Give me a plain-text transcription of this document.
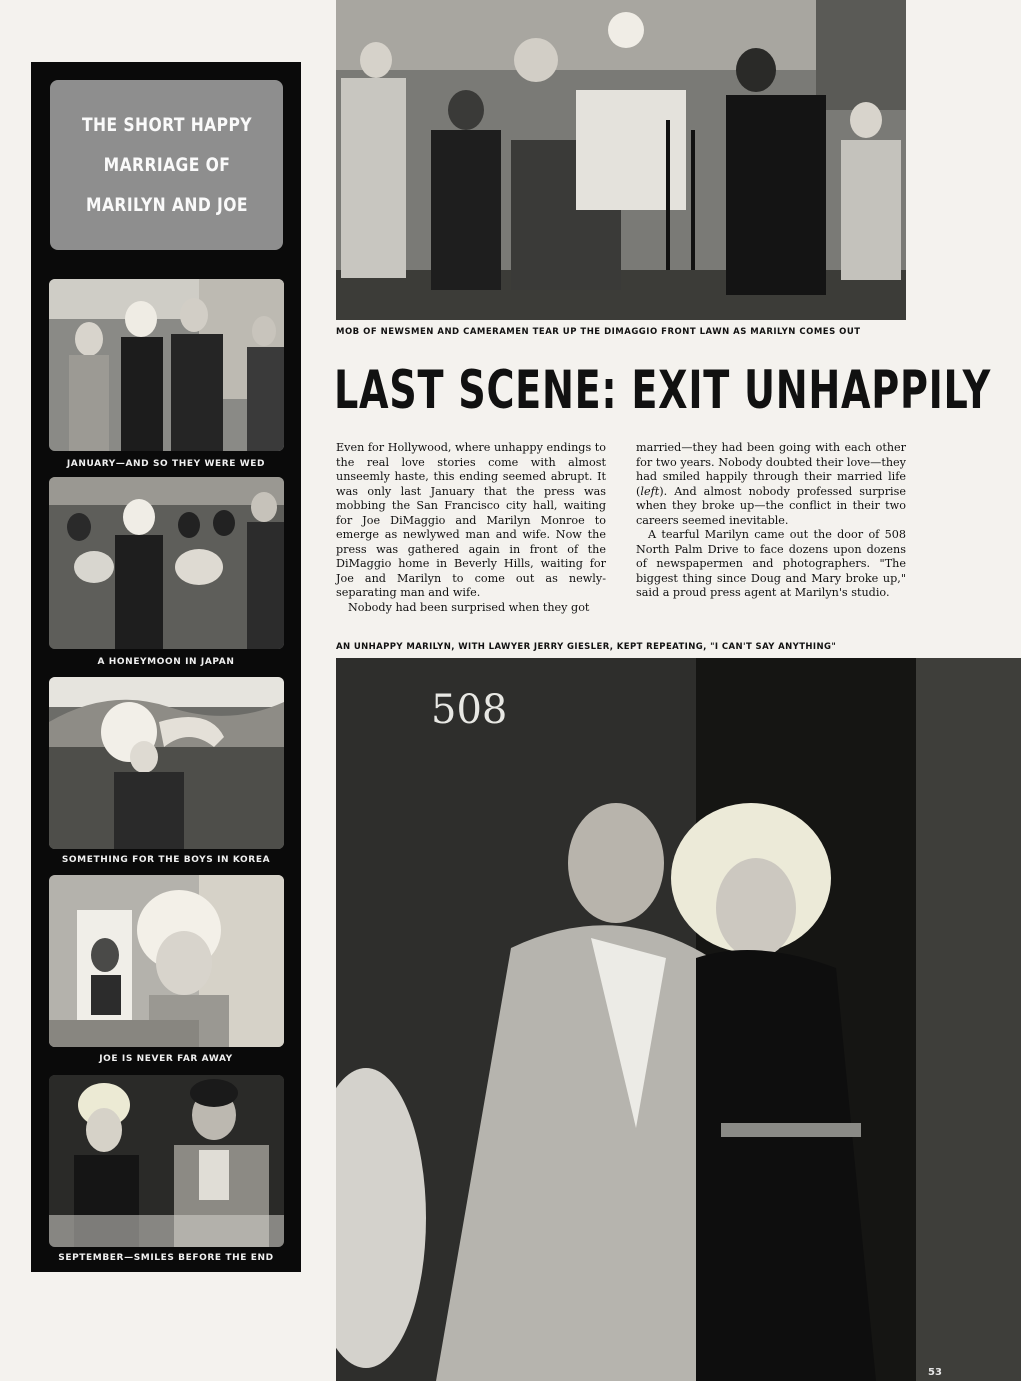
THE SHORT HAPPY MARRIAGE OF MARILYN AND JOE
JANUARY—AND SO THEY WERE WED
A HONEYMOON IN JAPAN
SOMETHING FOR THE BOYS IN KOREA
JOE IS NEVER FAR AWAY
SEPTEMBER—SMILES BEFORE THE END
MOB OF NEWSMEN AND CAMERAMEN TEAR UP THE DIMAGGIO FRONT LAWN AS MARILYN COMES OUT
LAST SCENE: EXIT UNHAPPILY

Even for Hollywood, where unhappy endings to the real love stories come with almost unseemly haste, this ending seemed abrupt. It was only last January that the press was mobbing the San Francisco city hall, waiting for Joe DiMaggio and Marilyn Monroe to emerge as newlywed man and wife. Now the press was gathered again in front of the DiMaggio home in Beverly Hills, waiting for Joe and Marilyn to come out as newly-separating man and wife.

Nobody had been surprised when they got

married—they had been going with each other for two years. Nobody doubted their love—they had smiled happily through their married life (left). And almost nobody professed surprise when they broke up—the conflict in their two careers seemed inevitable.

A tearful Marilyn came out the door of 508 North Palm Drive to face dozens upon dozens of newspapermen and photographers. "The biggest thing since Doug and Mary broke up," said a proud press agent at Marilyn's studio.

AN UNHAPPY MARILYN, WITH LAWYER JERRY GIESLER, KEPT REPEATING, "I CAN'T SAY ANYTHING"
508
53
